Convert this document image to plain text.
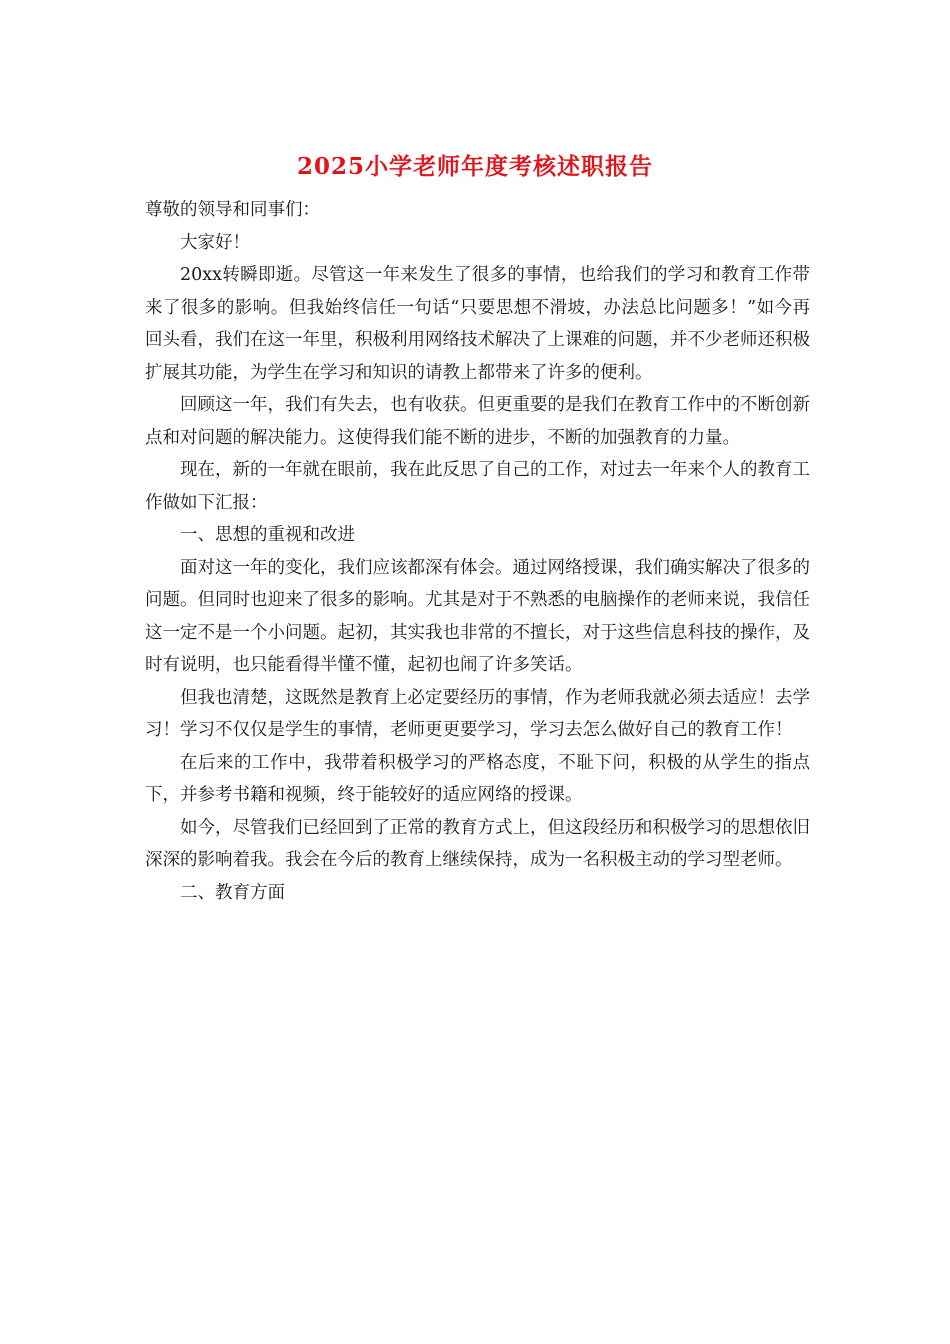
2025小学老师年度考核述职报告

尊敬的领导和同事们：

大家好！

20xx转瞬即逝。尽管这一年来发生了很多的事情，也给我们的学习和教育工作带来了很多的影响。但我始终信任一句话“只要思想不滑坡，办法总比问题多！”如今再回头看，我们在这一年里，积极利用网络技术解决了上课难的问题，并不少老师还积极扩展其功能，为学生在学习和知识的请教上都带来了许多的便利。

回顾这一年，我们有失去，也有收获。但更重要的是我们在教育工作中的不断创新点和对问题的解决能力。这使得我们能不断的进步，不断的加强教育的力量。

现在，新的一年就在眼前，我在此反思了自己的工作，对过去一年来个人的教育工作做如下汇报：

一、思想的重视和改进

面对这一年的变化，我们应该都深有体会。通过网络授课，我们确实解决了很多的问题。但同时也迎来了很多的影响。尤其是对于不熟悉的电脑操作的老师来说，我信任这一定不是一个小问题。起初，其实我也非常的不擅长，对于这些信息科技的操作，及时有说明，也只能看得半懂不懂，起初也闹了许多笑话。

但我也清楚，这既然是教育上必定要经历的事情，作为老师我就必须去适应！去学习！学习不仅仅是学生的事情，老师更更要学习，学习去怎么做好自己的教育工作！

在后来的工作中，我带着积极学习的严格态度，不耻下问，积极的从学生的指点下，并参考书籍和视频，终于能较好的适应网络的授课。

如今，尽管我们已经回到了正常的教育方式上，但这段经历和积极学习的思想依旧深深的影响着我。我会在今后的教育上继续保持，成为一名积极主动的学习型老师。

二、教育方面
